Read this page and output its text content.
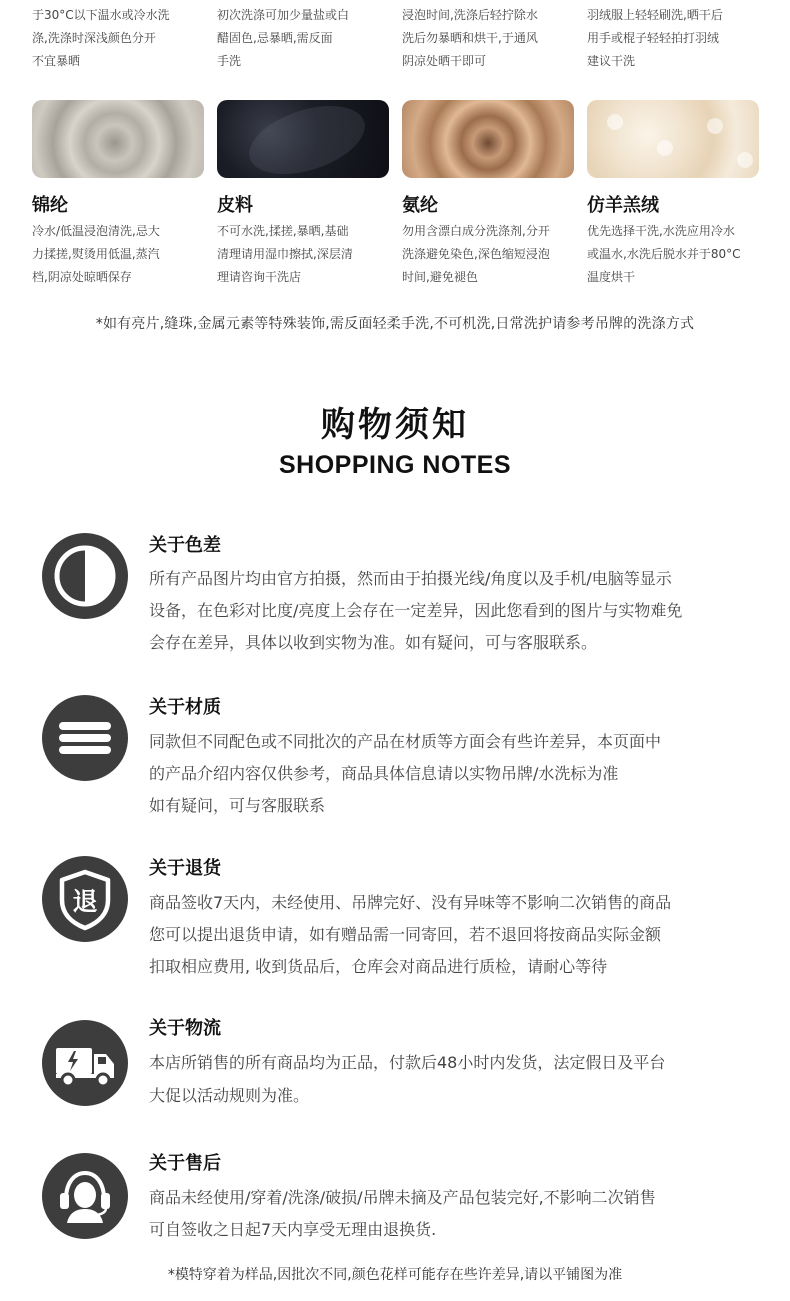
于30°C以下温水或冷水洗
涤,洗涤时深浅颜色分开
不宜暴晒
初次洗涤可加少量盐或白
醋固色,忌暴晒,需反面
手洗
浸泡时间,洗涤后轻拧除水
洗后勿暴晒和烘干,于通风
阴凉处晒干即可
羽绒服上轻轻刷洗,晒干后
用手或棍子轻轻拍打羽绒
建议干洗
锦纶	皮料	氨纶	仿羊羔绒
冷水/低温浸泡清洗,忌大
力揉搓,熨烫用低温,蒸汽
档,阴凉处晾晒保存
不可水洗,揉搓,暴晒,基础
清理请用湿巾擦拭,深层清
理请咨询干洗店
勿用含漂白成分洗涤剂,分开
洗涤避免染色,深色缩短浸泡
时间,避免褪色
优先选择干洗,水洗应用冷水
或温水,水洗后脱水并于80°C
温度烘干
*如有亮片,缝珠,金属元素等特殊装饰,需反面轻柔手洗,不可机洗,日常洗护请参考吊牌的洗涤方式
购物须知
SHOPPING NOTES
关于色差
所有产品图片均由官方拍摄，然而由于拍摄光线/角度以及手机/电脑等显示
设备，在色彩对比度/亮度上会存在一定差异，因此您看到的图片与实物难免
会存在差异，具体以收到实物为准。如有疑问，可与客服联系。
关于材质
同款但不同配色或不同批次的产品在材质等方面会有些许差异，本页面中
的产品介绍内容仅供参考，商品具体信息请以实物吊牌/水洗标为准
如有疑问，可与客服联系
退
关于退货
商品签收7天内，未经使用、吊牌完好、没有异味等不影响二次销售的商品
您可以提出退货申请，如有赠品需一同寄回，若不退回将按商品实际金额
扣取相应费用, 收到货品后，仓库会对商品进行质检，请耐心等待
关于物流
本店所销售的所有商品均为正品，付款后48小时内发货，法定假日及平台
大促以活动规则为准。
关于售后
商品未经使用/穿着/洗涤/破损/吊牌未摘及产品包装完好,不影响二次销售
可自签收之日起7天内享受无理由退换货.
*模特穿着为样品,因批次不同,颜色花样可能存在些许差异,请以平铺图为准
